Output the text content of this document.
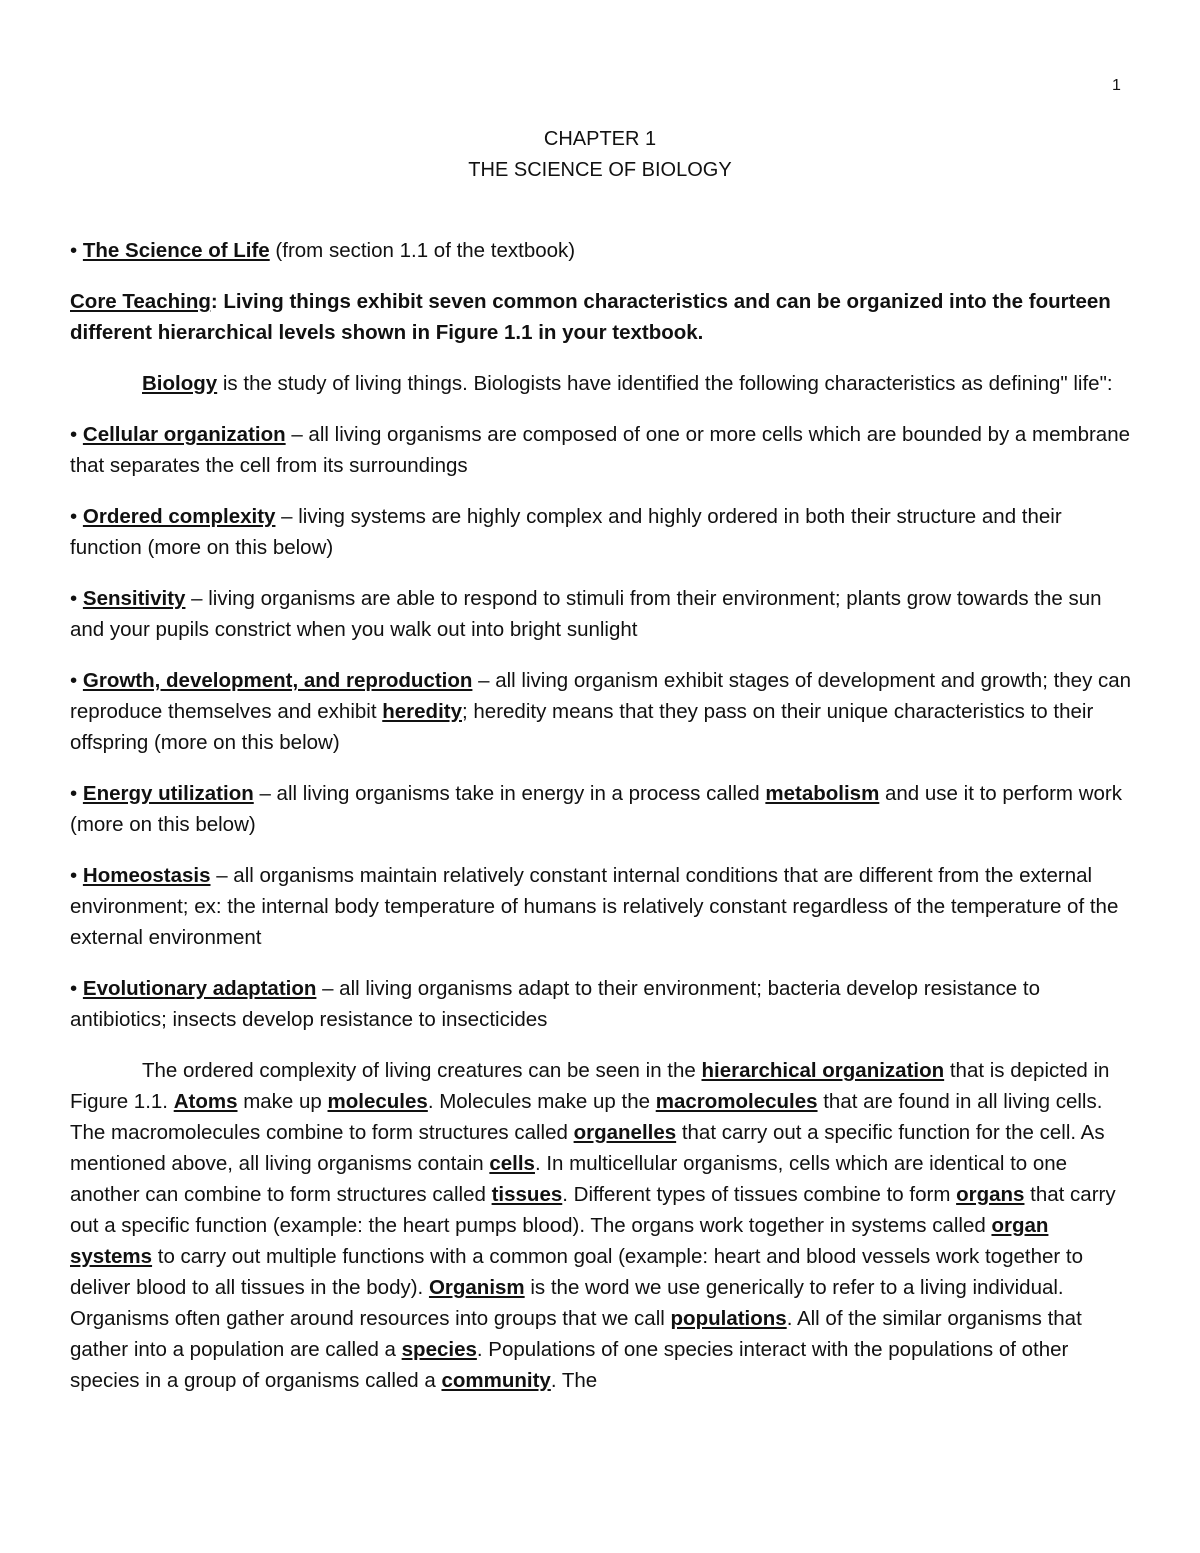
1
CHAPTER 1
THE SCIENCE OF BIOLOGY

• The Science of Life (from section 1.1 of the textbook)

Core Teaching: Living things exhibit seven common characteristics and can be organized into the fourteen different hierarchical levels shown in Figure 1.1 in your textbook.

Biology is the study of living things. Biologists have identified the following characteristics as defining" life":

• Cellular organization – all living organisms are composed of one or more cells which are bounded by a membrane that separates the cell from its surroundings

• Ordered complexity – living systems are highly complex and highly ordered in both their structure and their function (more on this below)

• Sensitivity – living organisms are able to respond to stimuli from their environment; plants grow towards the sun and your pupils constrict when you walk out into bright sunlight

• Growth, development, and reproduction – all living organism exhibit stages of development and growth; they can reproduce themselves and exhibit heredity; heredity means that they pass on their unique characteristics to their offspring (more on this below)

• Energy utilization – all living organisms take in energy in a process called metabolism and use it to perform work (more on this below)

• Homeostasis – all organisms maintain relatively constant internal conditions that are different from the external environment; ex: the internal body temperature of humans is relatively constant regardless of the temperature of the external environment

• Evolutionary adaptation – all living organisms adapt to their environment; bacteria develop resistance to antibiotics; insects develop resistance to insecticides

The ordered complexity of living creatures can be seen in the hierarchical organization that is depicted in Figure 1.1. Atoms make up molecules. Molecules make up the macromolecules that are found in all living cells. The macromolecules combine to form structures called organelles that carry out a specific function for the cell. As mentioned above, all living organisms contain cells. In multicellular organisms, cells which are identical to one another can combine to form structures called tissues. Different types of tissues combine to form organs that carry out a specific function (example: the heart pumps blood). The organs work together in systems called organ systems to carry out multiple functions with a common goal (example: heart and blood vessels work together to deliver blood to all tissues in the body). Organism is the word we use generically to refer to a living individual. Organisms often gather around resources into groups that we call populations. All of the similar organisms that gather into a population are called a species. Populations of one species interact with the populations of other species in a group of organisms called a community. The
